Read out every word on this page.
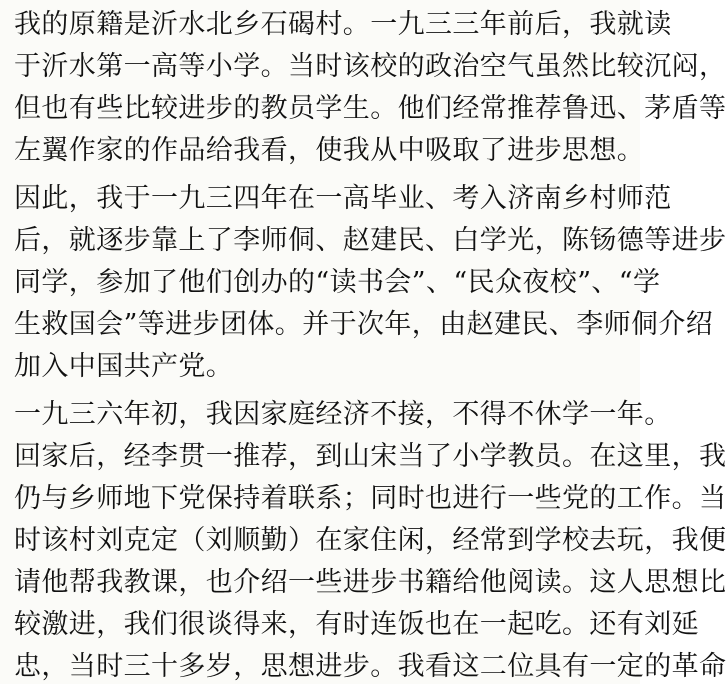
我的原籍是沂水北乡石碣村。一九三三年前后，我就读
于沂水第一高等小学。当时该校的政治空气虽然比较沉闷，
但也有些比较进步的教员学生。他们经常推荐鲁迅、茅盾等
左翼作家的作品给我看，使我从中吸取了进步思想。
因此，我于一九三四年在一高毕业、考入济南乡村师范
后，就逐步靠上了李师侗、赵建民、白学光，陈钖德等进步
同学，参加了他们创办的“读书会”、“民众夜校”、“学
生救国会”等进步团体。并于次年，由赵建民、李师侗介绍
加入中国共产党。
一九三六年初，我因家庭经济不接，不得不休学一年。
回家后，经李贯一推荐，到山宋当了小学教员。在这里，我
仍与乡师地下党保持着联系；同时也进行一些党的工作。当
时该村刘克定（刘顺勤）在家住闲，经常到学校去玩，我便
请他帮我教课，也介绍一些进步书籍给他阅读。这人思想比
较激进，我们很谈得来，有时连饭也在一起吃。还有刘延
忠，当时三十多岁，思想进步。我看这二位具有一定的革命
